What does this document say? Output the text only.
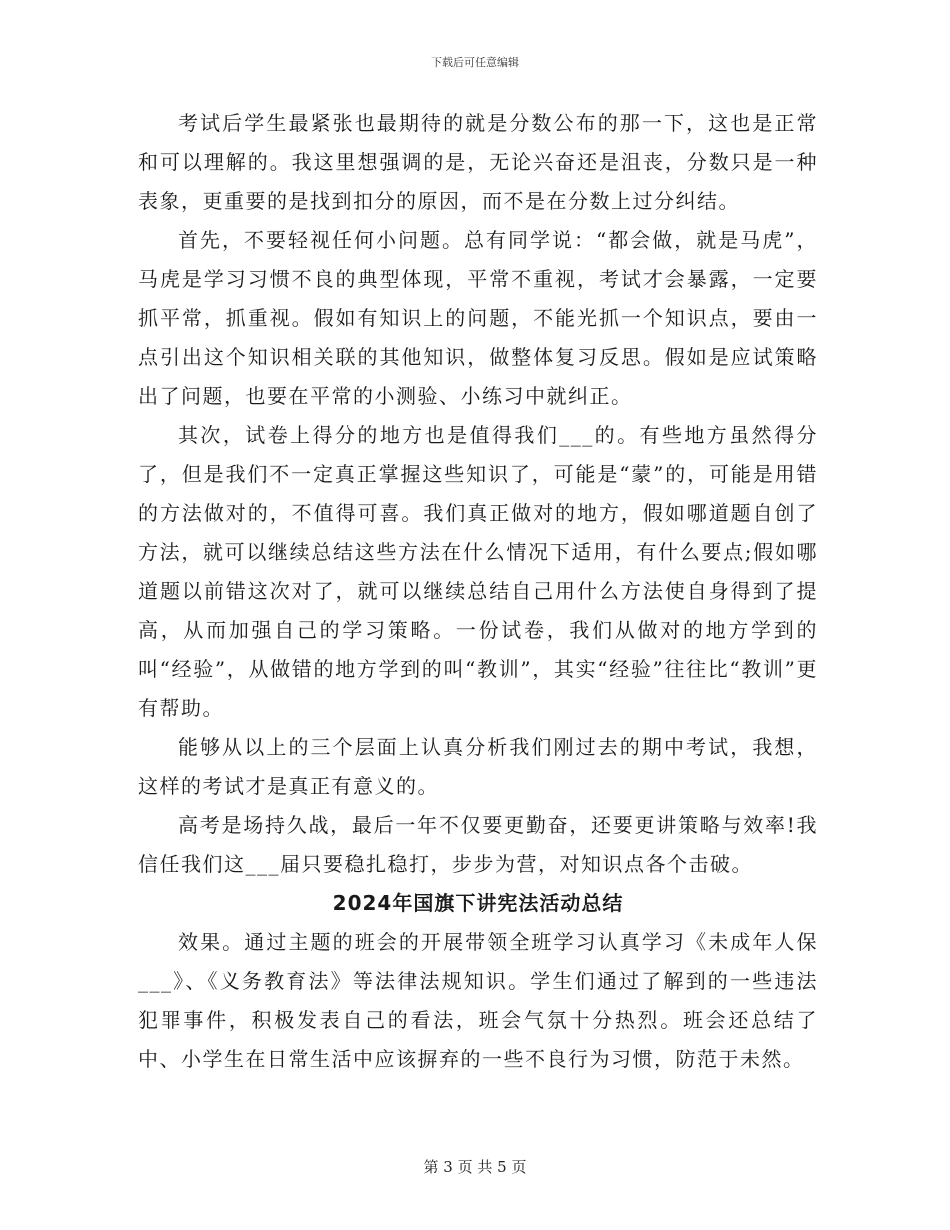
下载后可任意编辑

考试后学生最紧张也最期待的就是分数公布的那一下，这也是正常和可以理解的。我这里想强调的是，无论兴奋还是沮丧，分数只是一种表象，更重要的是找到扣分的原因，而不是在分数上过分纠结。

首先，不要轻视任何小问题。总有同学说：“都会做，就是马虎”，马虎是学习习惯不良的典型体现，平常不重视，考试才会暴露，一定要抓平常，抓重视。假如有知识上的问题，不能光抓一个知识点，要由一点引出这个知识相关联的其他知识，做整体复习反思。假如是应试策略出了问题，也要在平常的小测验、小练习中就纠正。

其次，试卷上得分的地方也是值得我们___的。有些地方虽然得分了，但是我们不一定真正掌握这些知识了，可能是“蒙”的，可能是用错的方法做对的，不值得可喜。我们真正做对的地方，假如哪道题自创了方法，就可以继续总结这些方法在什么情况下适用，有什么要点;假如哪道题以前错这次对了，就可以继续总结自己用什么方法使自身得到了提高，从而加强自己的学习策略。一份试卷，我们从做对的地方学到的叫“经验”，从做错的地方学到的叫“教训”，其实“经验”往往比“教训”更有帮助。

能够从以上的三个层面上认真分析我们刚过去的期中考试，我想，这样的考试才是真正有意义的。

高考是场持久战，最后一年不仅要更勤奋，还要更讲策略与效率!我信任我们这___届只要稳扎稳打，步步为营，对知识点各个击破。

2024年国旗下讲宪法活动总结

效果。通过主题的班会的开展带领全班学习认真学习《未成年人保___》、《义务教育法》等法律法规知识。学生们通过了解到的一些违法犯罪事件，积极发表自己的看法，班会气氛十分热烈。班会还总结了中、小学生在日常生活中应该摒弃的一些不良行为习惯，防范于未然。

第 3 页 共 5 页
